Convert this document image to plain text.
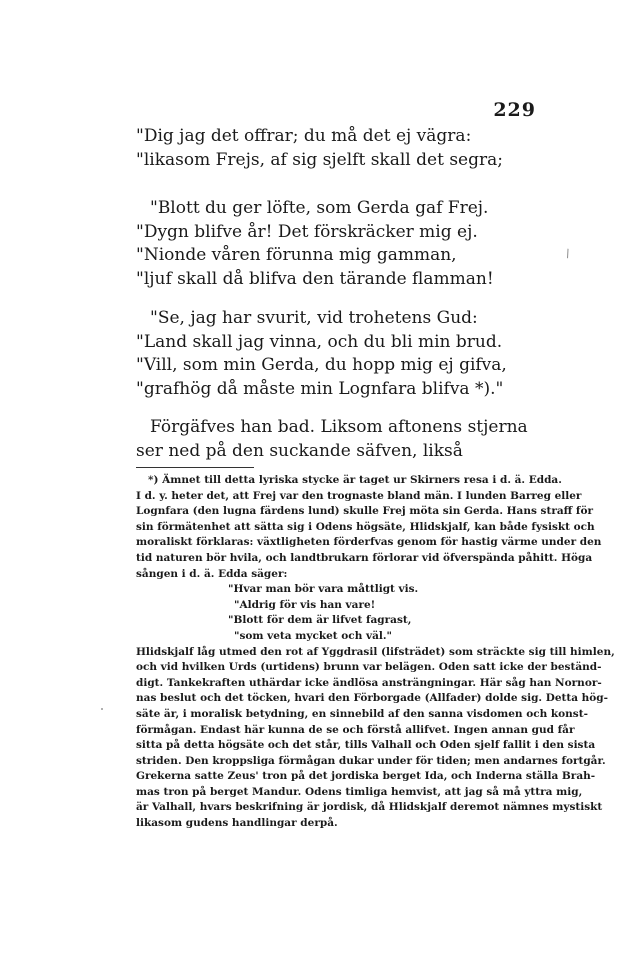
229
\
"Dig jag det offrar; du må det ej vägra:
"likasom Frejs, af sig sjelft skall det segra;
"Blott du ger löfte, som Gerda gaf Frej.
"Dygn blifve år! Det förskräcker mig ej.
"Nionde våren förunna mig gamman,
"ljuf skall då blifva den tärande flamman!
"Se, jag har svurit, vid trohetens Gud:
"Land skall jag vinna, och du bli min brud.
"Vill, som min Gerda, du hopp mig ej gifva,
"grafhög då måste min Lognfara blifva *)."
Förgäfves han bad. Liksom aftonens stjerna
ser ned på den suckande säfven, likså
*) Ämnet till detta lyriska stycke är taget ur Skirners resa i d. ä. Edda.
I d. y. heter det, att Frej var den trognaste bland män. I lunden Barreg eller
Lognfara (den lugna färdens lund) skulle Frej möta sin Gerda. Hans straff för
sin förmätenhet att sätta sig i Odens högsäte, Hlidskjalf, kan både fysiskt och
moraliskt förklaras: växtligheten förderfvas genom för hastig värme under den
tid naturen bör hvila, och landtbrukarn förlorar vid öfverspända påhitt. Höga
sången i d. ä. Edda säger:
"Hvar man bör vara måttligt vis.
"Aldrig för vis han vare!
"Blott för dem är lifvet fagrast,
"som veta mycket och väl."
Hlidskjalf låg utmed den rot af Yggdrasil (lifsträdet) som sträckte sig till himlen,
och vid hvilken Urds (urtidens) brunn var belägen. Oden satt icke der beständ-
digt. Tankekraften uthärdar icke ändlösa ansträngningar. Här såg han Nornor-
nas beslut och det töcken, hvari den Förborgade (Allfader) dolde sig. Detta hög-
säte är, i moralisk betydning, en sinnebild af den sanna visdomen och konst-
förmågan. Endast här kunna de se och förstå allifvet. Ingen annan gud får
sitta på detta högsäte och det står, tills Valhall och Oden sjelf fallit i den sista
striden. Den kroppsliga förmågan dukar under för tiden; men andarnes fortgår.
Grekerna satte Zeus' tron på det jordiska berget Ida, och Inderna ställa Brah-
mas tron på berget Mandur. Odens timliga hemvist, att jag så må yttra mig,
är Valhall, hvars beskrifning är jordisk, då Hlidskjalf deremot nämnes mystiskt
likasom gudens handlingar derpå.
